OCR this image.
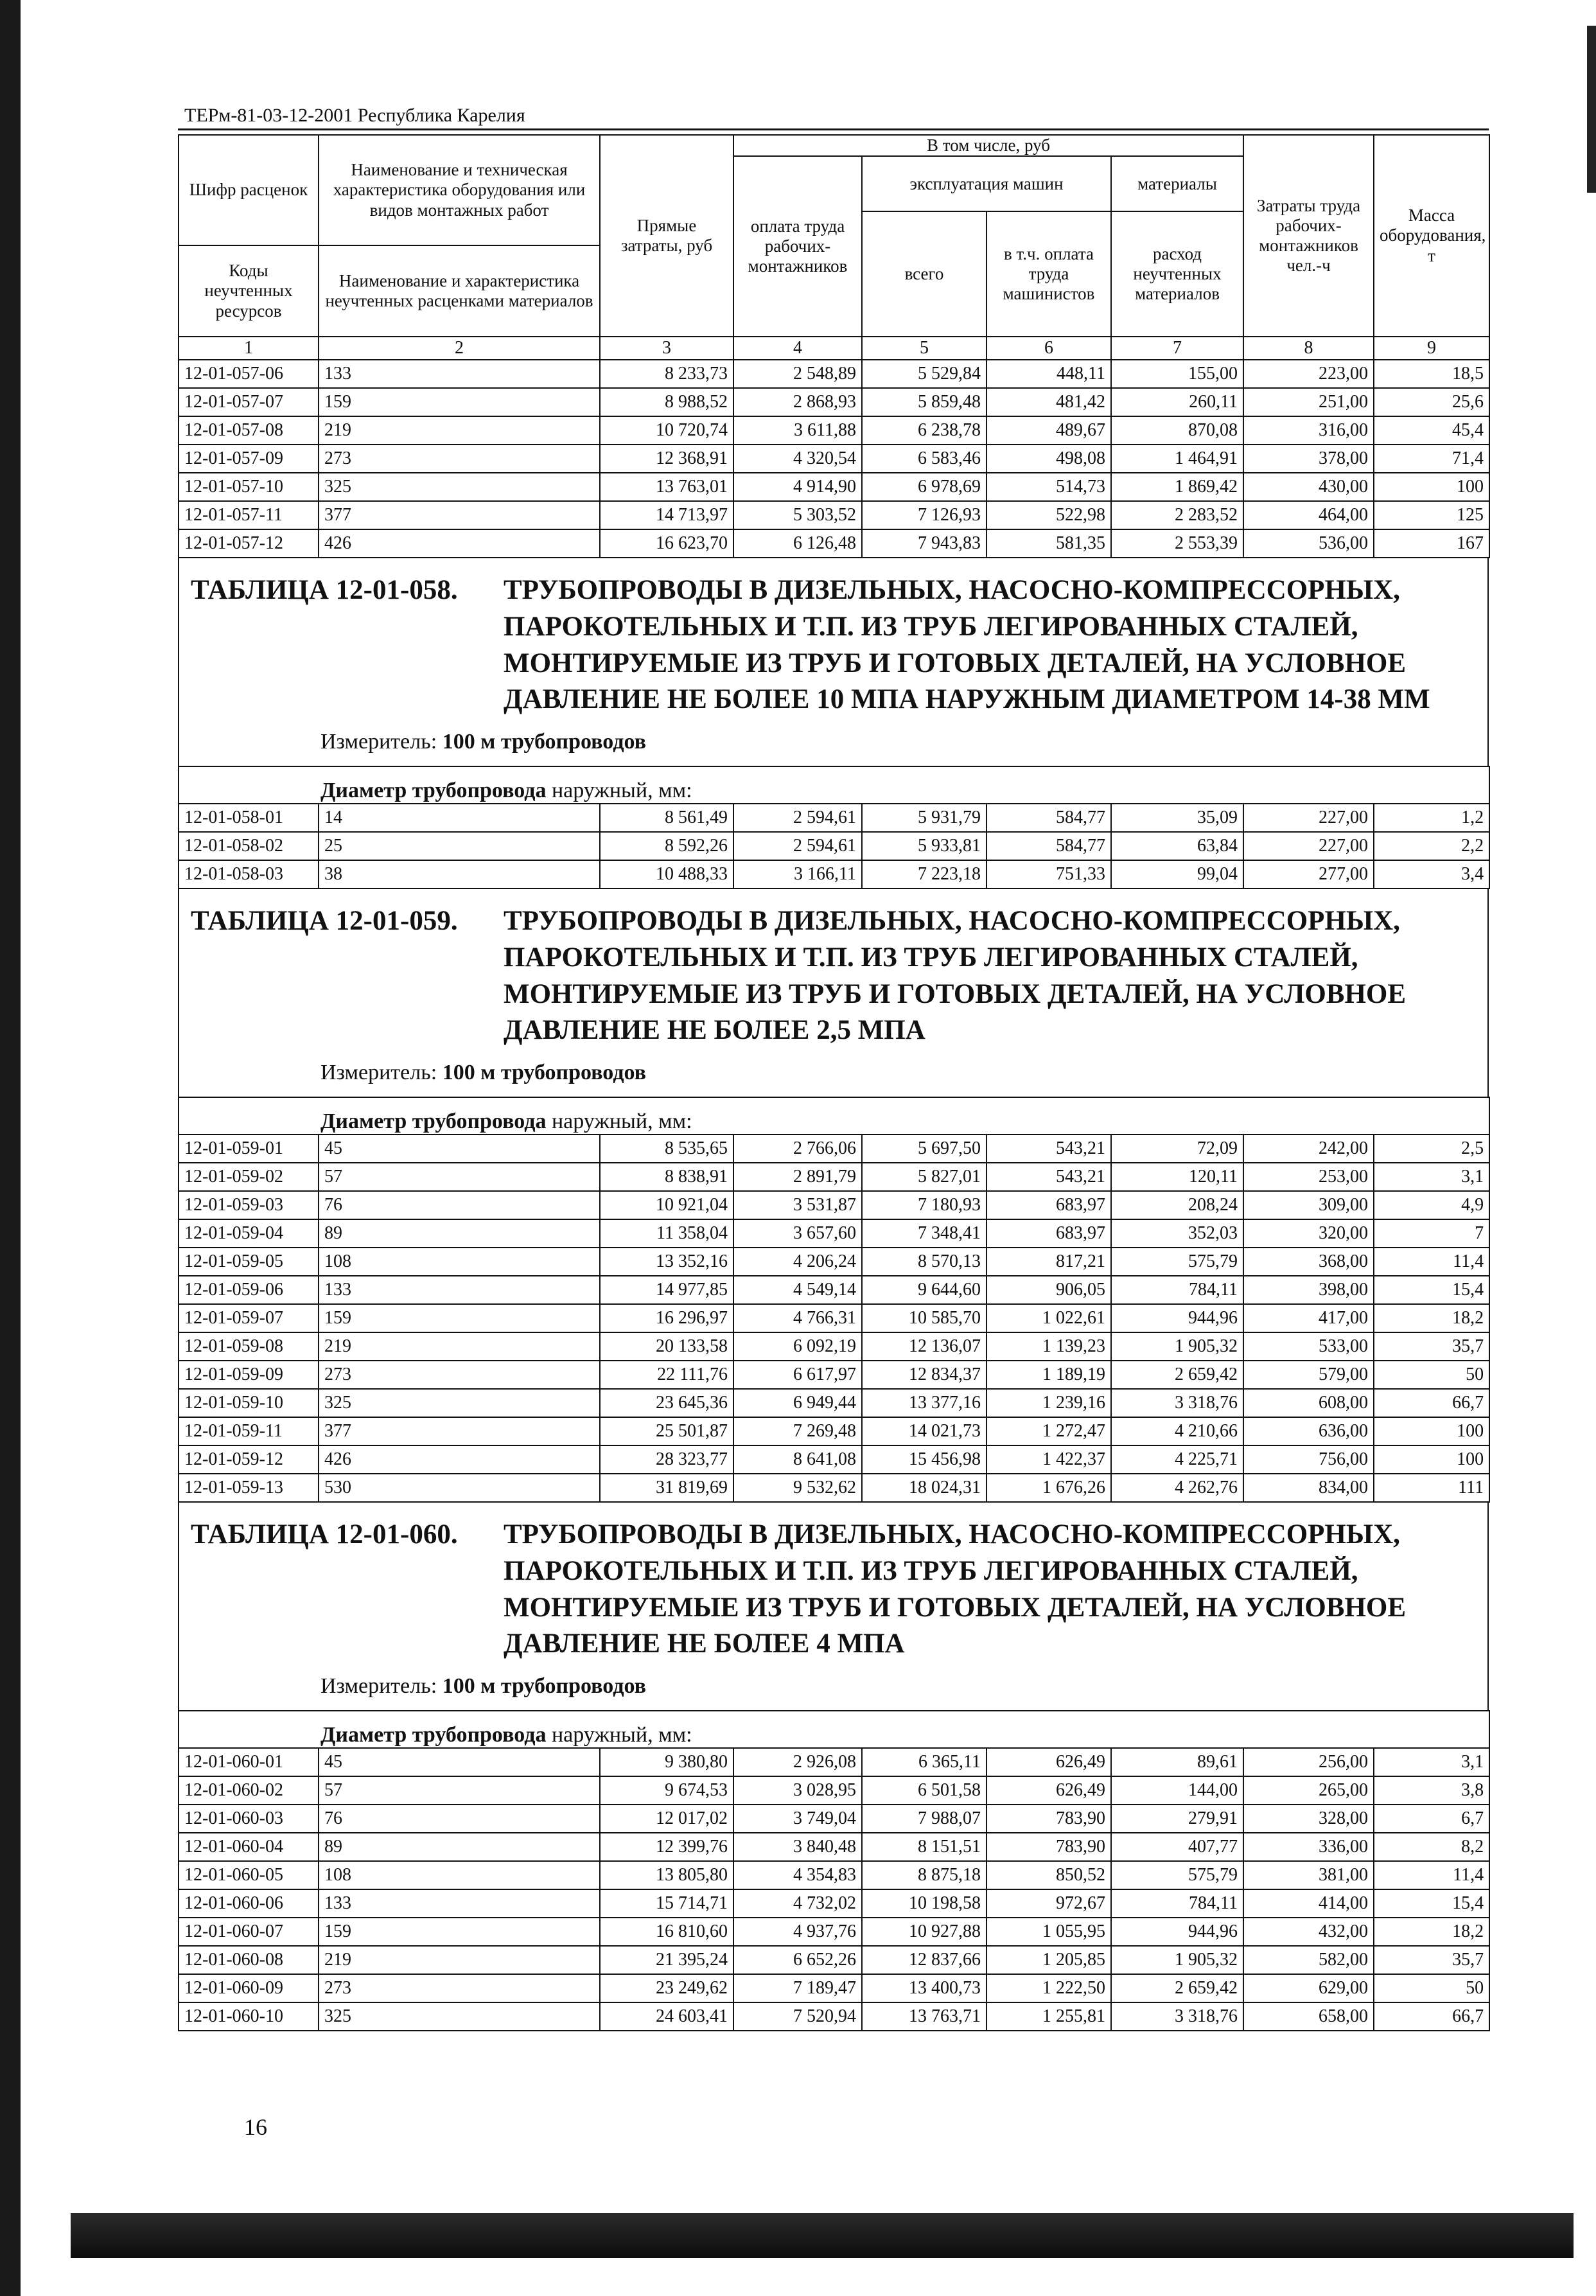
ТЕРм-81-03-12-2001 Республика Карелия
Шифр расценок	Наименование и техническая характеристика оборудования или видов монтажных работ	Прямые затраты, руб	В том числе, руб				Затраты труда рабочих-монтажников чел.-ч	Масса оборудования, т
			оплата труда рабочих-монтажников	эксплуатация машин		материалы		
				всего	в т.ч. оплата труда машинистов	расход неучтенных материалов		
Коды неучтенных ресурсов	Наименование и характеристика неучтенных расценками материалов							

1	2	3	4	5	6	7	8	9
12-01-057-06	133	8 233,73	2 548,89	5 529,84	448,11	155,00	223,00	18,5
12-01-057-07	159	8 988,52	2 868,93	5 859,48	481,42	260,11	251,00	25,6
12-01-057-08	219	10 720,74	3 611,88	6 238,78	489,67	870,08	316,00	45,4
12-01-057-09	273	12 368,91	4 320,54	6 583,46	498,08	1 464,91	378,00	71,4
12-01-057-10	325	13 763,01	4 914,90	6 978,69	514,73	1 869,42	430,00	100
12-01-057-11	377	14 713,97	5 303,52	7 126,93	522,98	2 283,52	464,00	125
12-01-057-12	426	16 623,70	6 126,48	7 943,83	581,35	2 553,39	536,00	167
ТАБЛИЦА 12-01-058.	ТРУБОПРОВОДЫ В ДИЗЕЛЬНЫХ, НАСОСНО-КОМПРЕССОРНЫХ, ПАРОКОТЕЛЬНЫХ И Т.П. ИЗ ТРУБ ЛЕГИРОВАННЫХ СТАЛЕЙ, МОНТИРУЕМЫЕ ИЗ ТРУБ И ГОТОВЫХ ДЕТАЛЕЙ, НА УСЛОВНОЕ ДАВЛЕНИЕ НЕ БОЛЕЕ 10 МПА НАРУЖНЫМ ДИАМЕТРОМ 14-38 ММ
Измеритель: 100 м трубопроводов
Диаметр трубопровода наружный, мм:								
12-01-058-01	14	8 561,49	2 594,61	5 931,79	584,77	35,09	227,00	1,2
12-01-058-02	25	8 592,26	2 594,61	5 933,81	584,77	63,84	227,00	2,2
12-01-058-03	38	10 488,33	3 166,11	7 223,18	751,33	99,04	277,00	3,4
ТАБЛИЦА 12-01-059.	ТРУБОПРОВОДЫ В ДИЗЕЛЬНЫХ, НАСОСНО-КОМПРЕССОРНЫХ, ПАРОКОТЕЛЬНЫХ И Т.П. ИЗ ТРУБ ЛЕГИРОВАННЫХ СТАЛЕЙ, МОНТИРУЕМЫЕ ИЗ ТРУБ И ГОТОВЫХ ДЕТАЛЕЙ, НА УСЛОВНОЕ ДАВЛЕНИЕ НЕ БОЛЕЕ 2,5 МПА
Измеритель: 100 м трубопроводов
Диаметр трубопровода наружный, мм:								
12-01-059-01	45	8 535,65	2 766,06	5 697,50	543,21	72,09	242,00	2,5
12-01-059-02	57	8 838,91	2 891,79	5 827,01	543,21	120,11	253,00	3,1
12-01-059-03	76	10 921,04	3 531,87	7 180,93	683,97	208,24	309,00	4,9
12-01-059-04	89	11 358,04	3 657,60	7 348,41	683,97	352,03	320,00	7
12-01-059-05	108	13 352,16	4 206,24	8 570,13	817,21	575,79	368,00	11,4
12-01-059-06	133	14 977,85	4 549,14	9 644,60	906,05	784,11	398,00	15,4
12-01-059-07	159	16 296,97	4 766,31	10 585,70	1 022,61	944,96	417,00	18,2
12-01-059-08	219	20 133,58	6 092,19	12 136,07	1 139,23	1 905,32	533,00	35,7
12-01-059-09	273	22 111,76	6 617,97	12 834,37	1 189,19	2 659,42	579,00	50
12-01-059-10	325	23 645,36	6 949,44	13 377,16	1 239,16	3 318,76	608,00	66,7
12-01-059-11	377	25 501,87	7 269,48	14 021,73	1 272,47	4 210,66	636,00	100
12-01-059-12	426	28 323,77	8 641,08	15 456,98	1 422,37	4 225,71	756,00	100
12-01-059-13	530	31 819,69	9 532,62	18 024,31	1 676,26	4 262,76	834,00	111
ТАБЛИЦА 12-01-060.	ТРУБОПРОВОДЫ В ДИЗЕЛЬНЫХ, НАСОСНО-КОМПРЕССОРНЫХ, ПАРОКОТЕЛЬНЫХ И Т.П. ИЗ ТРУБ ЛЕГИРОВАННЫХ СТАЛЕЙ, МОНТИРУЕМЫЕ ИЗ ТРУБ И ГОТОВЫХ ДЕТАЛЕЙ, НА УСЛОВНОЕ ДАВЛЕНИЕ НЕ БОЛЕЕ 4 МПА
Измеритель: 100 м трубопроводов
Диаметр трубопровода наружный, мм:								
12-01-060-01	45	9 380,80	2 926,08	6 365,11	626,49	89,61	256,00	3,1
12-01-060-02	57	9 674,53	3 028,95	6 501,58	626,49	144,00	265,00	3,8
12-01-060-03	76	12 017,02	3 749,04	7 988,07	783,90	279,91	328,00	6,7
12-01-060-04	89	12 399,76	3 840,48	8 151,51	783,90	407,77	336,00	8,2
12-01-060-05	108	13 805,80	4 354,83	8 875,18	850,52	575,79	381,00	11,4
12-01-060-06	133	15 714,71	4 732,02	10 198,58	972,67	784,11	414,00	15,4
12-01-060-07	159	16 810,60	4 937,76	10 927,88	1 055,95	944,96	432,00	18,2
12-01-060-08	219	21 395,24	6 652,26	12 837,66	1 205,85	1 905,32	582,00	35,7
12-01-060-09	273	23 249,62	7 189,47	13 400,73	1 222,50	2 659,42	629,00	50
12-01-060-10	325	24 603,41	7 520,94	13 763,71	1 255,81	3 318,76	658,00	66,7
16
